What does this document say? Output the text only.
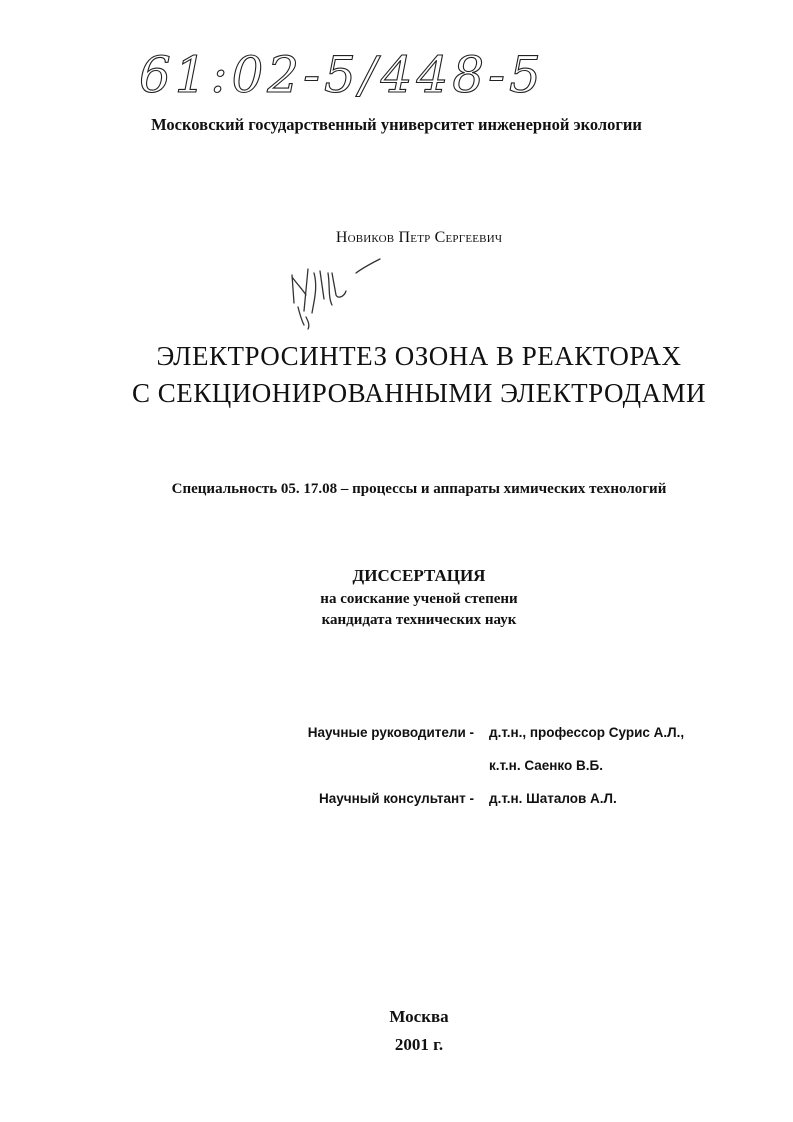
61:02-5/448-5
Московский государственный университет инженерной экологии
Новиков Петр Сергеевич
ЭЛЕКТРОСИНТЕЗ ОЗОНА В РЕАКТОРАХ
С СЕКЦИОНИРОВАННЫМИ ЭЛЕКТРОДАМИ
Специальность 05. 17.08 – процессы и аппараты химических технологий
ДИССЕРТАЦИЯ
на соискание ученой степени
кандидата технических наук
Научные руководители - д.т.н., профессор Сурис А.Л.,
к.т.н. Саенко В.Б.
Научный консультант - д.т.н. Шаталов А.Л.
Москва
2001 г.
